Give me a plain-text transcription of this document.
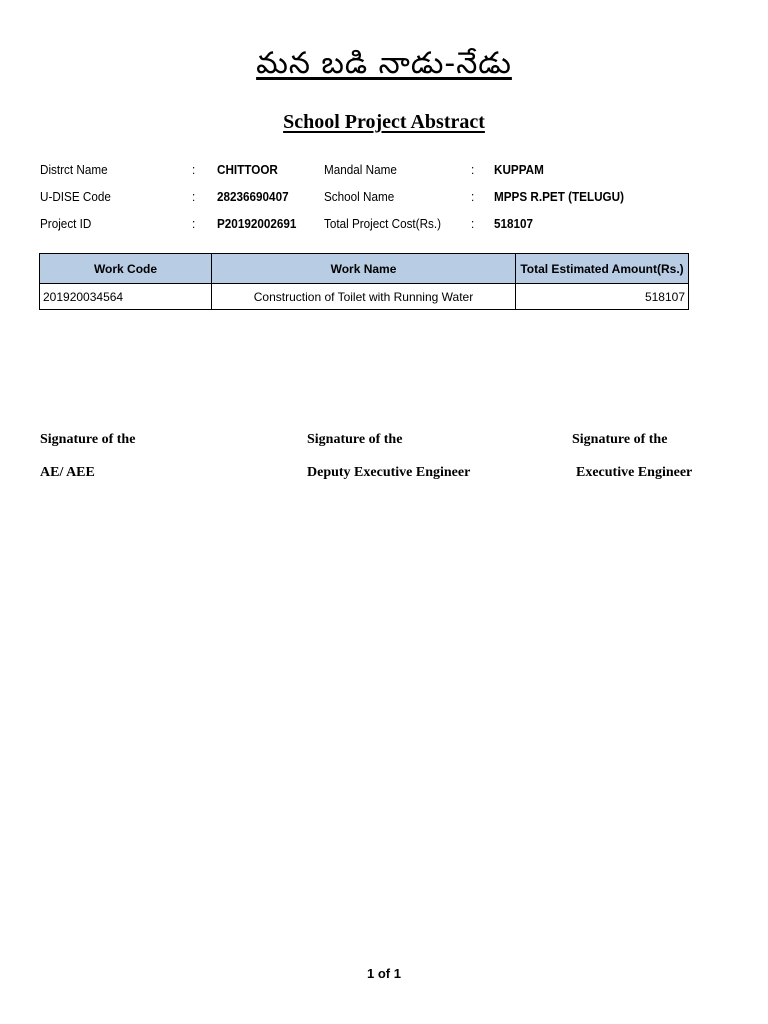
మన బడి నాడు-నేడు
School Project Abstract
Distrct Name	: CHITTOOR
U-DISE Code	: 28236690407
Project ID	: P20192002691
Mandal Name	: KUPPAM
School Name	: MPPS R.PET (TELUGU)
Total Project Cost(Rs.) : 518107
Work Code	Work Name	Total Estimated Amount(Rs.)
201920034564	Construction of Toilet with Running Water	518107
Signature of the
AE/ AEE
Signature of the
Deputy Executive Engineer
Signature of the
Executive Engineer
1 of 1
